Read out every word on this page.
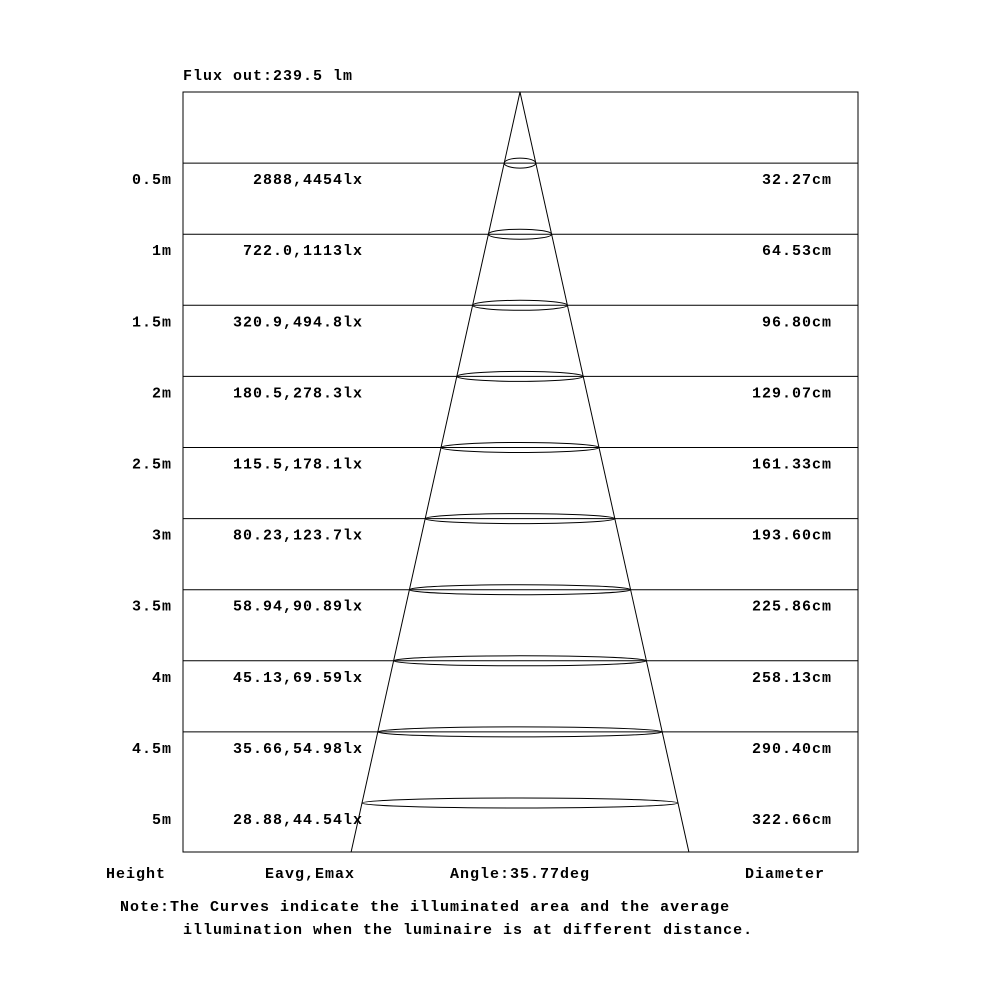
Flux out:239.5 lm
0.5m	2888,4454lx	32.27cm
1m	722.0,1113lx	64.53cm
1.5m	320.9,494.8lx	96.80cm
2m	180.5,278.3lx	129.07cm
2.5m	115.5,178.1lx	161.33cm
3m	80.23,123.7lx	193.60cm
3.5m	58.94,90.89lx	225.86cm
4m	45.13,69.59lx	258.13cm
4.5m	35.66,54.98lx	290.40cm
5m	28.88,44.54lx	322.66cm
Height	Eavg,Emax	Angle:35.77deg	Diameter
Note:The Curves indicate the illuminated area and the average
illumination when the luminaire is at different distance.
